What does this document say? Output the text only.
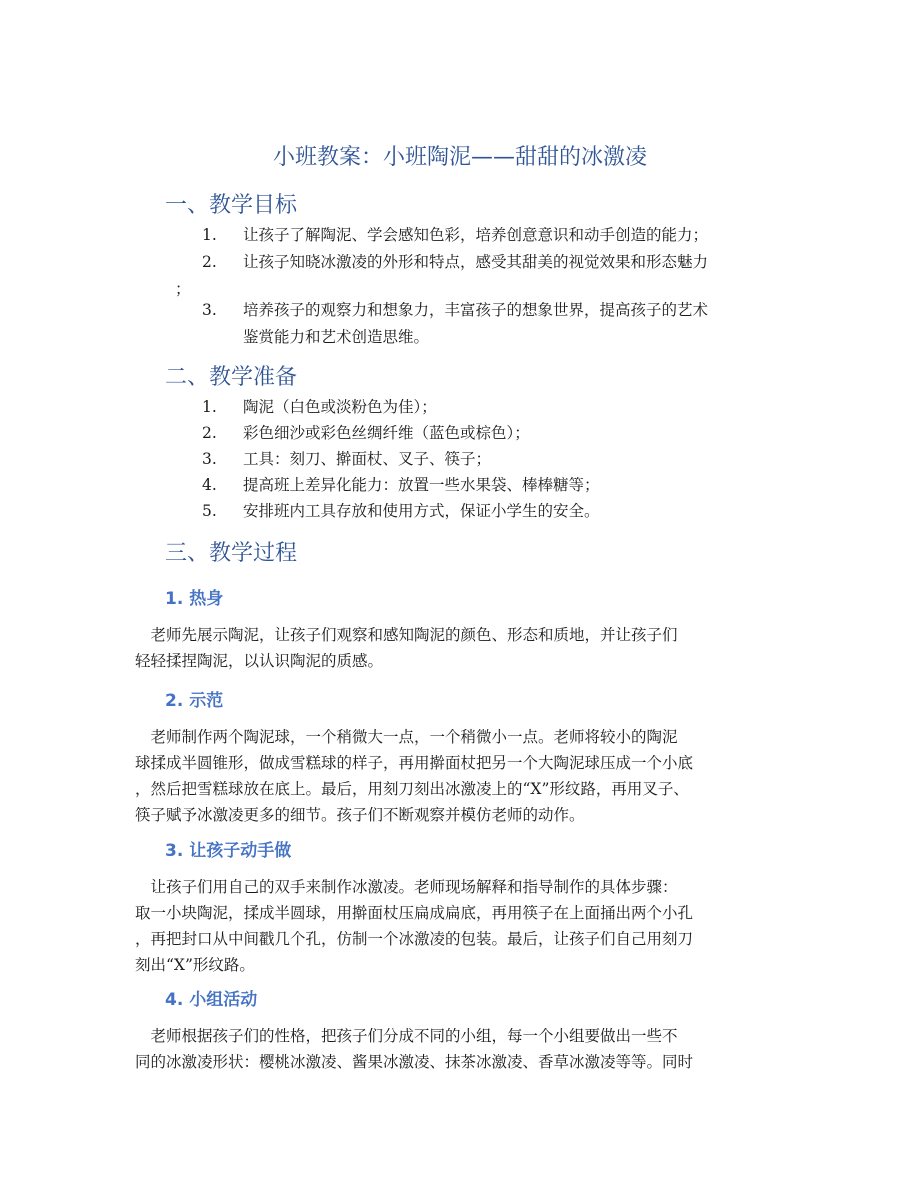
小班教案：小班陶泥——甜甜的冰激凌
一、教学目标
1.	让孩子了解陶泥、学会感知色彩，培养创意意识和动手创造的能力；
2.	让孩子知晓冰激凌的外形和特点，感受其甜美的视觉效果和形态魅力
；
3.	培养孩子的观察力和想象力，丰富孩子的想象世界，提高孩子的艺术
鉴赏能力和艺术创造思维。
二、教学准备
1.	陶泥（白色或淡粉色为佳）；
2.	彩色细沙或彩色丝绸纤维（蓝色或棕色）；
3.	工具：刻刀、擀面杖、叉子、筷子；
4.	提高班上差异化能力：放置一些水果袋、棒棒糖等；
5.	安排班内工具存放和使用方式，保证小学生的安全。
三、教学过程
1. 热身
　老师先展示陶泥，让孩子们观察和感知陶泥的颜色、形态和质地，并让孩子们
轻轻揉捏陶泥，以认识陶泥的质感。
2. 示范
　老师制作两个陶泥球，一个稍微大一点，一个稍微小一点。老师将较小的陶泥
球揉成半圆锥形，做成雪糕球的样子，再用擀面杖把另一个大陶泥球压成一个小底
，然后把雪糕球放在底上。最后，用刻刀刻出冰激凌上的“X”形纹路，再用叉子、
筷子赋予冰激凌更多的细节。孩子们不断观察并模仿老师的动作。
3. 让孩子动手做
　让孩子们用自己的双手来制作冰激凌。老师现场解释和指导制作的具体步骤：
取一小块陶泥，揉成半圆球，用擀面杖压扁成扁底，再用筷子在上面捅出两个小孔
，再把封口从中间戳几个孔，仿制一个冰激凌的包装。最后，让孩子们自己用刻刀
刻出“X”形纹路。
4. 小组活动
　老师根据孩子们的性格，把孩子们分成不同的小组，每一个小组要做出一些不
同的冰激凌形状：樱桃冰激凌、酱果冰激凌、抹茶冰激凌、香草冰激凌等等。同时
